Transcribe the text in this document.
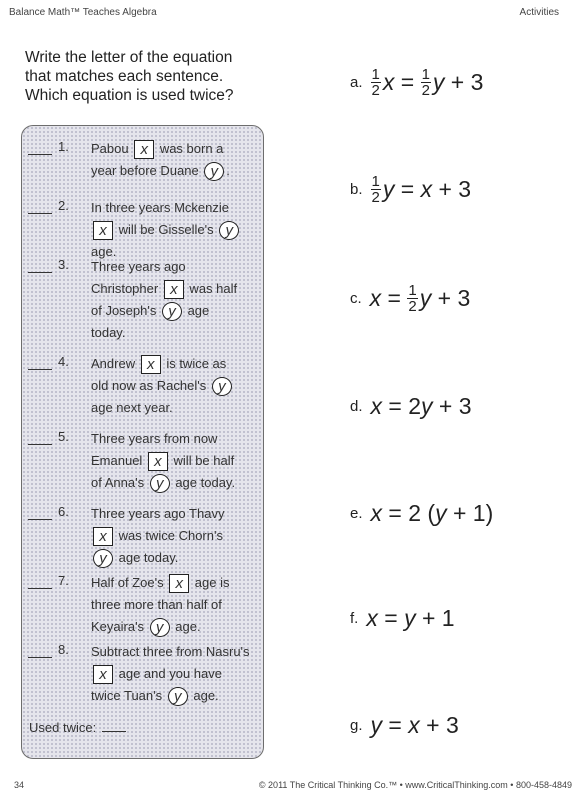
Balance Math™ Teaches Algebra	Activities
Write the letter of the equation
that matches each sentence.
Which equation is used twice?
1. Pabou x was born a
year before Duane y .
2. In three years Mckenzie
x will be Gisselle's y
age.
3. Three years ago
Christopher x was half
of Joseph's y age
today.
4. Andrew x is twice as
old now as Rachel's y
age next year.
5. Three years from now
Emanuel x will be half
of Anna's y age today.
6. Three years ago Thavy
x was twice Chorn's
y age today.
7. Half of Zoe's x age is
three more than half of
Keyaira's y age.
8. Subtract three from Nasru's
x age and you have
twice Tuan's y age.
Used twice:
a. $\frac{1}{2}$ $x = \frac{1}{2}$ y + 3
b. $\frac{1}{2}$ y = x + 3
c. $x = \frac{1}{2}$ y + 3
d. x = 2 y + 3
e. x = 2 ( y + 1)
f. x = y + 1
g. y = x + 3
34	© 2011 The Critical Thinking Co.™ • www.CriticalThinking.com • 800-458-4849
